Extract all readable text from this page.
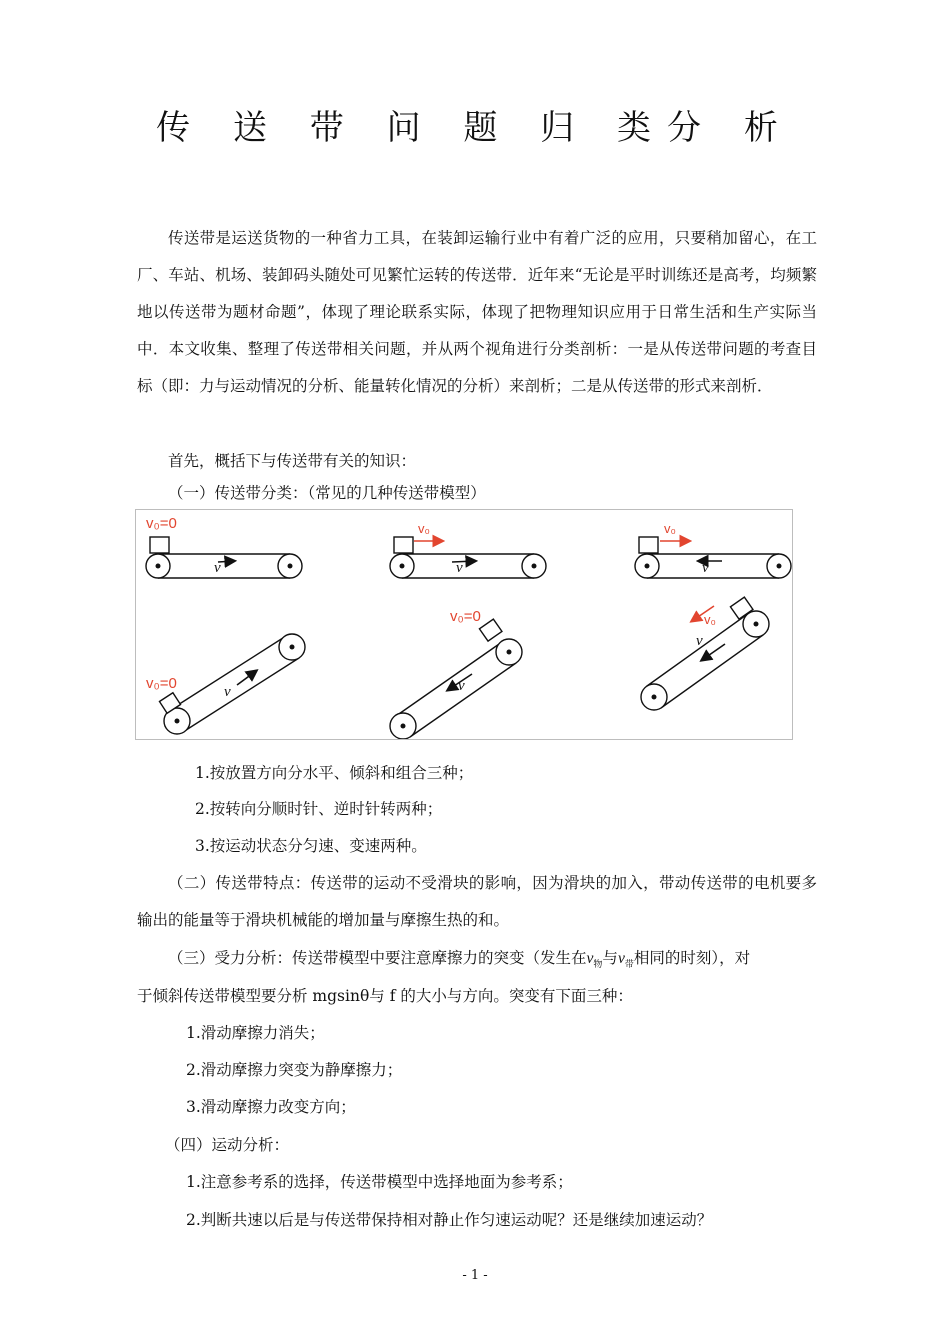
传 送 带 问 题 归 类分 析

传送带是运送货物的一种省力工具，在装卸运输行业中有着广泛的应用，只要稍加留心，在工厂、车站、机场、装卸码头随处可见繁忙运转的传送带．近年来“无论是平时训练还是高考，均频繁地以传送带为题材命题”，体现了理论联系实际，体现了把物理知识应用于日常生活和生产实际当中．本文收集、整理了传送带相关问题，并从两个视角进行分类剖析：一是从传送带问题的考查目标（即：力与运动情况的分析、能量转化情况的分析）来剖析；二是从传送带的形式来剖析．

首先，概括下与传送带有关的知识：
（一）传送带分类：（常见的几种传送带模型）
v₀=0
v
v₀
v
v₀
v
v₀=0	v
v₀=0
v
v₀
v
1.按放置方向分水平、倾斜和组合三种；
2.按转向分顺时针、逆时针转两种；
3.按运动状态分匀速、变速两种。

（二）传送带特点：传送带的运动不受滑块的影响，因为滑块的加入，带动传送带的电机要多输出的能量等于滑块机械能的增加量与摩擦生热的和。

（三）受力分析：传送带模型中要注意摩擦力的突变（发生在$v_物$与$v_带$相同的时刻），对
于倾斜传送带模型要分析 mgsinθ与 f 的大小与方向。突变有下面三种：
1.滑动摩擦力消失；
2.滑动摩擦力突变为静摩擦力；
3.滑动摩擦力改变方向；
（四）运动分析：
1.注意参考系的选择，传送带模型中选择地面为参考系；
2.判断共速以后是与传送带保持相对静止作匀速运动呢？还是继续加速运动？
- 1 -
